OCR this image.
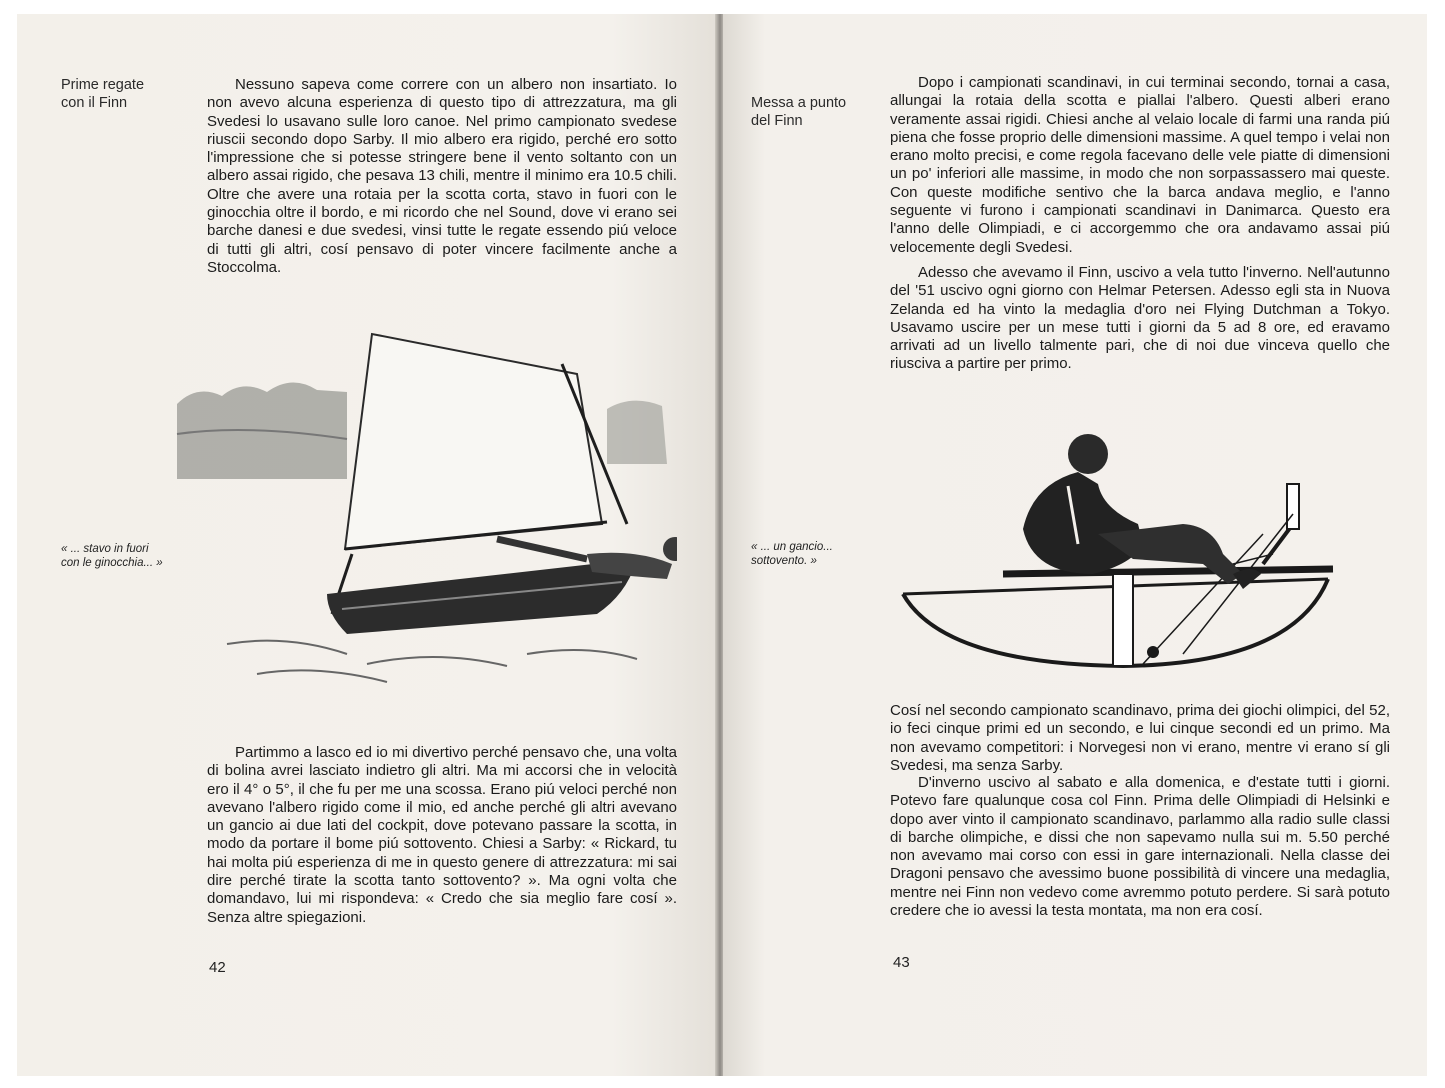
Prime regate
con il Finn

Nessuno sapeva come correre con un albero non insartiato. Io non avevo alcuna esperienza di questo tipo di attrezzatura, ma gli Svedesi lo usavano sulle loro canoe. Nel primo campionato svedese riuscii secondo dopo Sarby. Il mio albero era rigido, perché ero sotto l'impressione che si potesse stringere bene il vento soltanto con un albero assai rigido, che pesava 13 chili, mentre il minimo era 10.5 chili. Oltre che avere una rotaia per la scotta corta, stavo in fuori con le ginocchia oltre il bordo, e mi ricordo che nel Sound, dove vi erano sei barche danesi e due svedesi, vinsi tutte le regate essendo piú veloce di tutti gli altri, cosí pensavo di poter vincere facilmente anche a Stoccolma.

« ... stavo in fuori
con le ginocchia... »

Partimmo a lasco ed io mi divertivo perché pensavo che, una volta di bolina avrei lasciato indietro gli altri. Ma mi accorsi che in velocità ero il 4° o 5°, il che fu per me una scossa. Erano piú veloci perché non avevano l'albero rigido come il mio, ed anche perché gli altri avevano un gancio ai due lati del cockpit, dove potevano passare la scotta, in modo da portare il bome piú sottovento. Chiesi a Sarby: « Rickard, tu hai molta piú esperienza di me in questo genere di attrezzatura: mi sai dire perché tirate la scotta tanto sottovento? ». Ma ogni volta che domandavo, lui mi rispondeva: « Credo che sia meglio fare cosí ». Senza altre spiegazioni.

42
Messa a punto
del Finn

Dopo i campionati scandinavi, in cui terminai secondo, tornai a casa, allungai la rotaia della scotta e piallai l'albero. Questi alberi erano veramente assai rigidi. Chiesi anche al velaio locale di farmi una randa piú piena che fosse proprio delle dimensioni massime. A quel tempo i velai non erano molto precisi, e come regola facevano delle vele piatte di dimensioni un po' inferiori alle massime, in modo che non sorpassassero mai queste. Con queste modifiche sentivo che la barca andava meglio, e l'anno seguente vi furono i campionati scandinavi in Danimarca. Questo era l'anno delle Olimpiadi, e ci accorgemmo che ora andavamo assai piú velocemente degli Svedesi.

Adesso che avevamo il Finn, uscivo a vela tutto l'inverno. Nell'autunno del '51 uscivo ogni giorno con Helmar Petersen. Adesso egli sta in Nuova Zelanda ed ha vinto la medaglia d'oro nei Flying Dutchman a Tokyo. Usavamo uscire per un mese tutti i giorni da 5 ad 8 ore, ed eravamo arrivati ad un livello talmente pari, che di noi due vinceva quello che riusciva a partire per primo.

« ... un gancio...
sottovento. »

Cosí nel secondo campionato scandinavo, prima dei giochi olimpici, del 52, io feci cinque primi ed un secondo, e lui cinque secondi ed un primo. Ma non avevamo competitori: i Norvegesi non vi erano, mentre vi erano sí gli Svedesi, ma senza Sarby.

D'inverno uscivo al sabato e alla domenica, e d'estate tutti i giorni. Potevo fare qualunque cosa col Finn. Prima delle Olimpiadi di Helsinki e dopo aver vinto il campionato scandinavo, parlammo alla radio sulle classi di barche olimpiche, e dissi che non sapevamo nulla sui m. 5.50 perché non avevamo mai corso con essi in gare internazionali. Nella classe dei Dragoni pensavo che avessimo buone possibilità di vincere una medaglia, mentre nei Finn non vedevo come avremmo potuto perdere. Si sarà potuto credere che io avessi la testa montata, ma non era cosí.

43
